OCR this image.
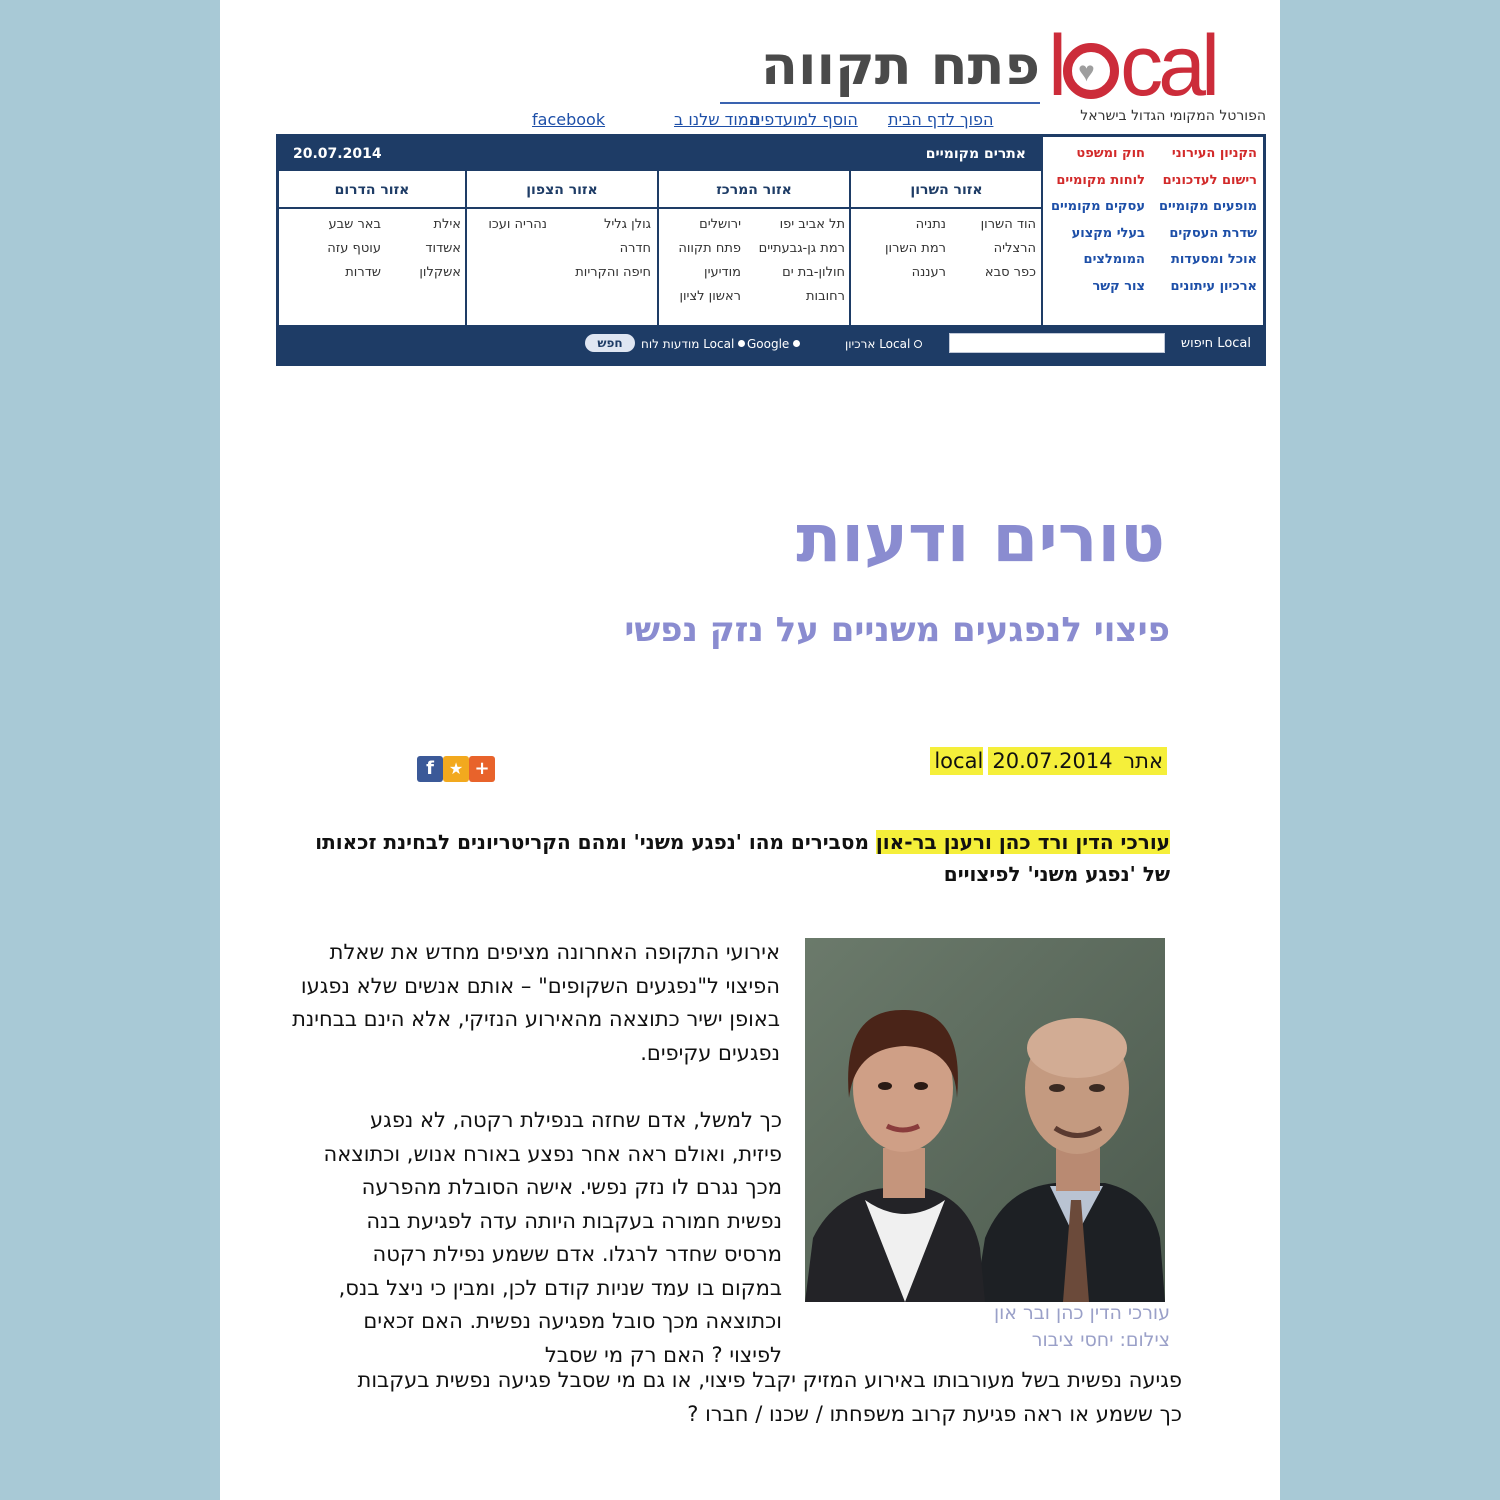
l♥ cal
הפורטל המקומי הגדול בישראל
פתח תקווה
הפוך לדף הבית
הוסף למועדפים
המוד שלנו ב
facebook
20.07.2014	אתרים מקומיים
אזור השרון
הוד השרון
הרצליה
כפר סבא
נתניה
רמת השרון
רעננה
אזור המרכז
תל אביב יפו
רמת גן-גבעתיים
חולון-בת ים
רחובות
ירושלים
פתח תקווה
מודיעין
ראשון לציון
אזור הצפון
גולן גליל
חדרה
חיפה והקריות
נהריה ועכו
אזור הדרום
אילת
אשדוד
אשקלון
באר שבע
עוטף עזה
שדרות
הקניון העירוני
רישום לעדכונים
מופעים מקומיים
שדרת העסקים
אוכל ומסעדות
ארכיון עיתונים
חוק ומשפט
לוחות מקומיים
עסקים מקומיים
בעלי מקצוע
המומלצים
צור קשר
חיפוש Local
ארכיון Local
Google
מודעות לוח Local
חפש
טורים ודעות
פיצוי לנפגעים משניים על נזק נפשי
אתר local 20.07.2014
f ★ +
עורכי הדין ורד כהן ורענן בר-און מסבירים מהו 'נפגע משני' ומהם הקריטריונים לבחינת זכאותו של 'נפגע משני' לפיצויים
עורכי הדין כהן ובר און
צילום: יחסי ציבור
אירועי התקופה האחרונה מציפים מחדש את שאלת הפיצוי ל"נפגעים השקופים" – אותם אנשים שלא נפגעו באופן ישיר כתוצאה מהאירוע הנזיקי, אלא הינם בבחינת נפגעים עקיפים.
כך למשל, אדם שחזה בנפילת רקטה, לא נפגע פיזית, ואולם ראה אחר נפצע באורח אנוש, וכתוצאה מכך נגרם לו נזק נפשי. אישה הסובלת מהפרעה נפשית חמורה בעקבות היותה עדה לפגיעת בנה מרסיס שחדר לרגלו. אדם ששמע נפילת רקטה במקום בו עמד שניות קודם לכן, ומבין כי ניצל בנס, וכתוצאה מכך סובל מפגיעה נפשית. האם זכאים לפיצוי ? האם רק מי שסבל
פגיעה נפשית בשל מעורבותו באירוע המזיק יקבל פיצוי, או גם מי שסבל פגיעה נפשית בעקבות כך ששמע או ראה פגיעת קרוב משפחתו / שכנו / חברו ?
